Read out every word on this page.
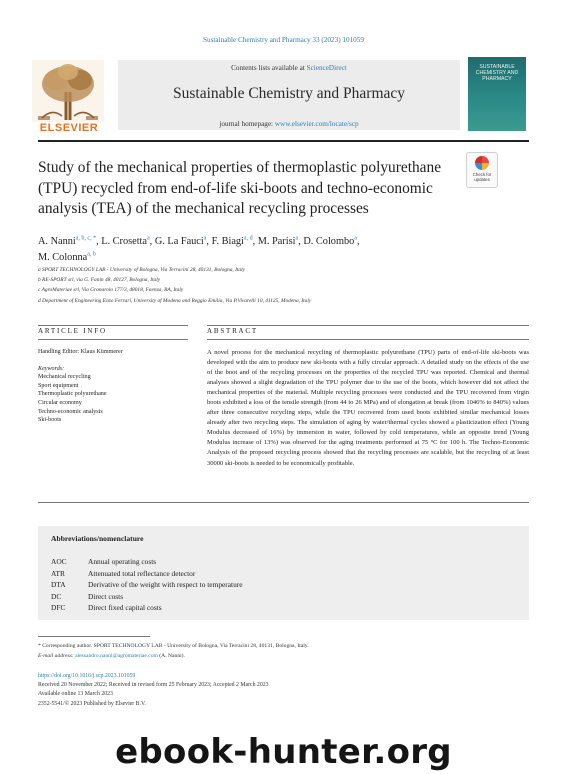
Sustainable Chemistry and Pharmacy 33 (2023) 101059
ELSEVIER
Contents lists available at ScienceDirect
Sustainable Chemistry and Pharmacy
journal homepage: www.elsevier.com/locate/scp
SUSTAINABLE CHEMISTRY AND PHARMACY
Study of the mechanical properties of thermoplastic polyurethane (TPU) recycled from end-of-life ski-boots and techno-economic analysis (TEA) of the mechanical recycling processes
Check for updates
A. Nanni$^{a, b, c, *}$, L. Crosetta$^a$, G. La Fauci$^a$, F. Biagi$^{a, d}$, M. Parisi$^a$, D. Colombo$^a$,
M. Colonna$^{a, b}$
a SPORT TECHNOLOGY LAB - University of Bologna, Via Terracini 28, 40131, Bologna, Italy
b RE-SPORT srl, via G. Fanin 48, 40127, Bologna, Italy
c AgroMateriae srl, Via Granarolo 177/3, 48018, Faenza, RA, Italy
d Department of Engineering Enzo Ferrari, University of Modena and Reggio Emilia, Via P.Vivarelli 10, 41125, Modena, Italy
ARTICLE INFO
Handling Editor: Klaus Kümmerer
Keywords:
Mechanical recycling
Sport equipment
Thermoplastic polyurethane
Circular economy
Techno-economic analysis
Ski-boots
ABSTRACT
A novel process for the mechanical recycling of thermoplastic polyurethane (TPU) parts of end-of-life ski-boots was developed with the aim to produce new ski-boots with a fully circular approach. A detailed study on the effects of the use of the boot and of the recycling processes on the properties of the recycled TPU was reported. Chemical and thermal analyses showed a slight degradation of the TPU polymer due to the use of the boots, which however did not affect the mechanical properties of the material. Multiple recycling processes were conducted and the TPU recovered from virgin boots exhibited a loss of the tensile strength (from 44 to 26 MPa) and of elongation at break (from 1046% to 840%) values after three consecutive recycling steps, while the TPU recovered from used boots exhibited similar mechanical losses already after two recycling steps. The simulation of aging by water/thermal cycles showed a plasticization effect (Young Modulus decreased of 16%) by immersion in water, followed by cold temperatures, while an opposite trend (Young Modulus increase of 13%) was observed for the aging treatments performed at 75 °C for 100 h. The Techno-Economic Analysis of the proposed recycling process showed that the recycling processes are scalable, but the recycling of at least 30000 ski-boots is needed to be economically profitable.
Abbreviations/nomenclature
AOC	Annual operating costs
ATR	Attenuated total reflectance detector
DTA	Derivative of the weight with respect to temperature
DC	Direct costs
DFC	Direct fixed capital costs
* Corresponding author. SPORT TECHNOLOGY LAB - University of Bologna, Via Terracini 28, 40131, Bologna, Italy.
E-mail address: alessandro.nanni@agromateriae.com (A. Nanni).
https://doi.org/10.1016/j.scp.2023.101059
Received 20 November 2022; Received in revised form 25 February 2023; Accepted 2 March 2023
Available online 13 March 2023
2352-5541/© 2023 Published by Elsevier B.V.
ebook-hunter.org
